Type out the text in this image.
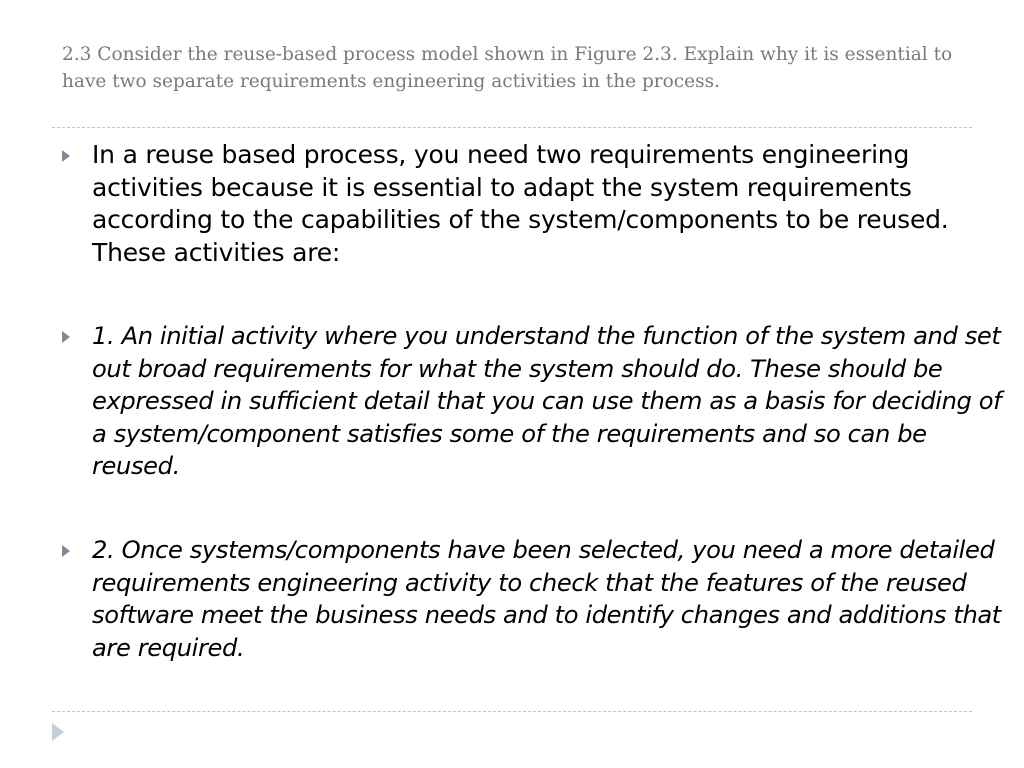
2.3 Consider the reuse-based process model shown in Figure 2.3. Explain why it is essential to have two separate requirements engineering activities in the process.
In a reuse based process, you need two requirements engineering activities because it is essential to adapt the system requirements according to the capabilities of the system/components to be reused. These activities are:
1. An initial activity where you understand the function of the system and set out broad requirements for what the system should do. These should be expressed in sufficient detail that you can use them as a basis for deciding of a system/component satisfies some of the requirements and so can be reused.
2. Once systems/components have been selected, you need a more detailed requirements engineering activity to check that the features of the reused software meet the business needs and to identify changes and additions that are required.
